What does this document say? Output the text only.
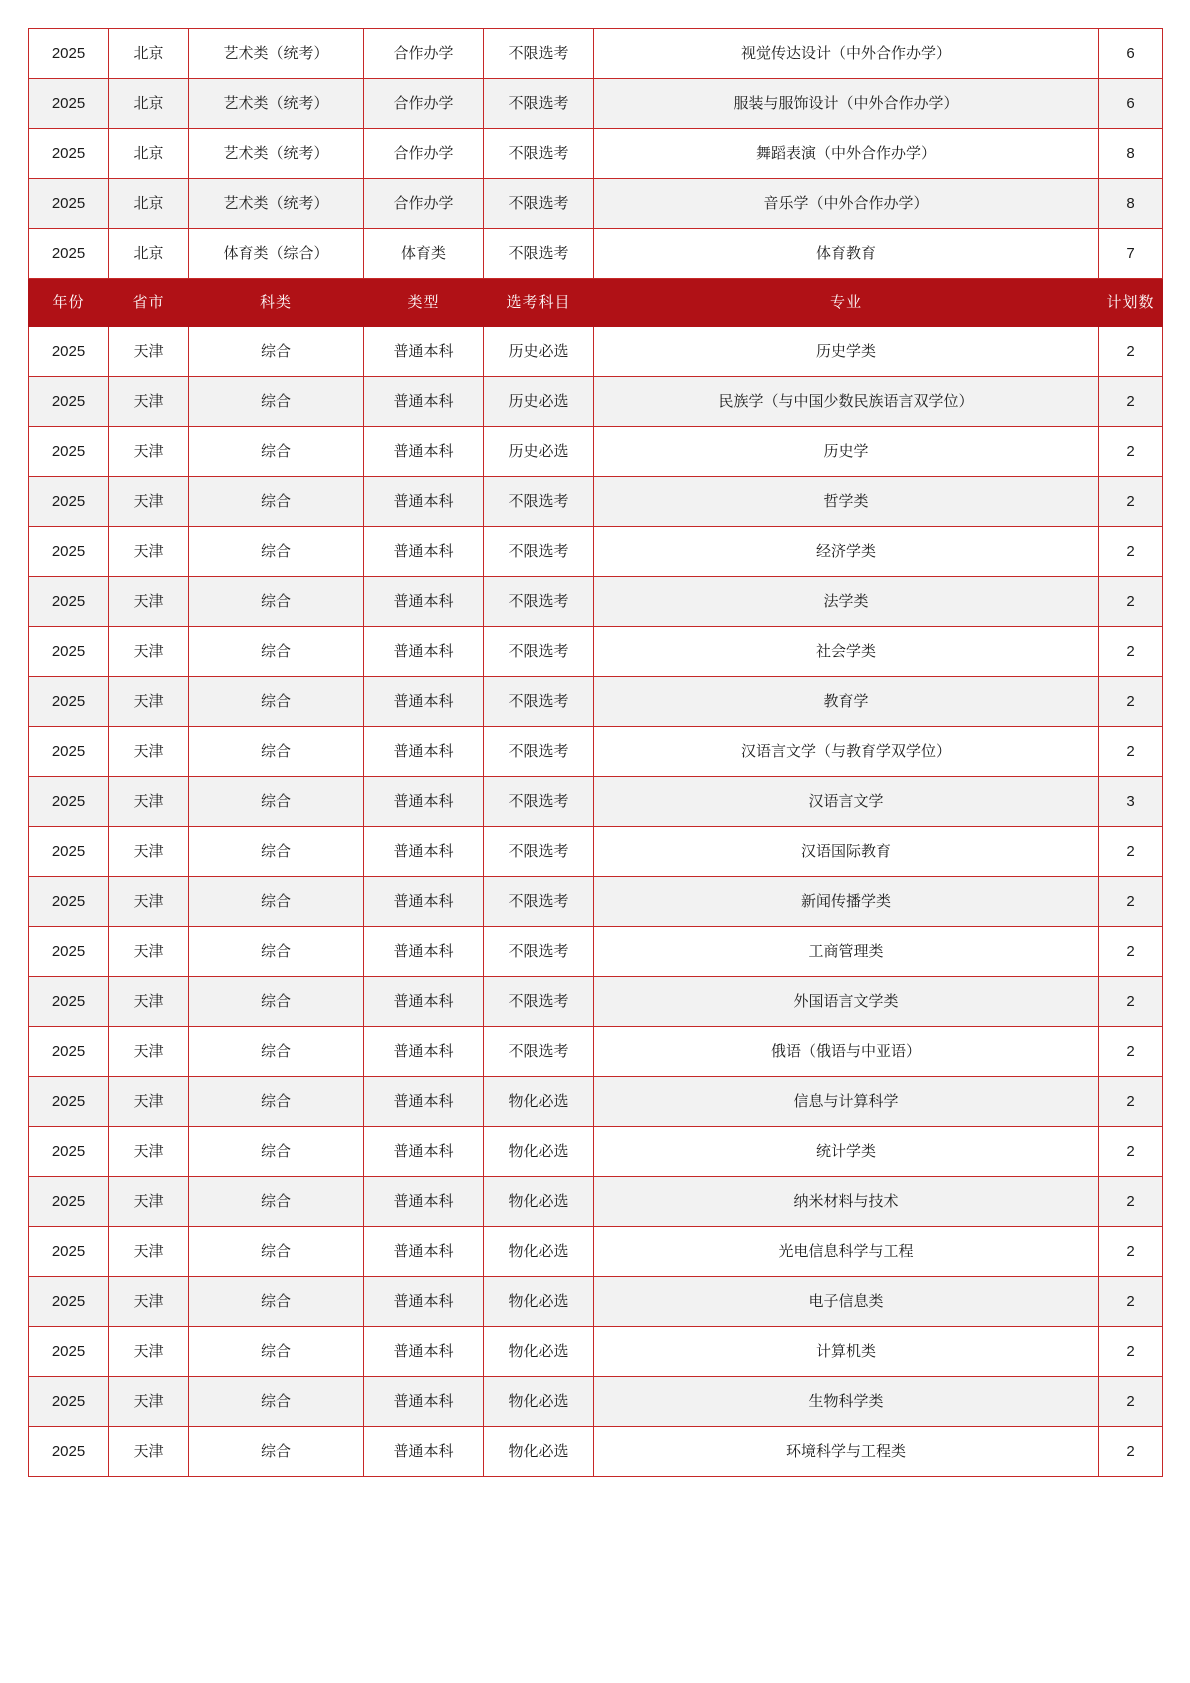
2025	北京	艺术类（统考）	合作办学	不限选考	视觉传达设计（中外合作办学）	6
2025	北京	艺术类（统考）	合作办学	不限选考	服装与服饰设计（中外合作办学）	6
2025	北京	艺术类（统考）	合作办学	不限选考	舞蹈表演（中外合作办学）	8
2025	北京	艺术类（统考）	合作办学	不限选考	音乐学（中外合作办学）	8
2025	北京	体育类（综合）	体育类	不限选考	体育教育	7
年份	省市	科类	类型	选考科目	专业	计划数
2025	天津	综合	普通本科	历史必选	历史学类	2
2025	天津	综合	普通本科	历史必选	民族学（与中国少数民族语言双学位）	2
2025	天津	综合	普通本科	历史必选	历史学	2
2025	天津	综合	普通本科	不限选考	哲学类	2
2025	天津	综合	普通本科	不限选考	经济学类	2
2025	天津	综合	普通本科	不限选考	法学类	2
2025	天津	综合	普通本科	不限选考	社会学类	2
2025	天津	综合	普通本科	不限选考	教育学	2
2025	天津	综合	普通本科	不限选考	汉语言文学（与教育学双学位）	2
2025	天津	综合	普通本科	不限选考	汉语言文学	3
2025	天津	综合	普通本科	不限选考	汉语国际教育	2
2025	天津	综合	普通本科	不限选考	新闻传播学类	2
2025	天津	综合	普通本科	不限选考	工商管理类	2
2025	天津	综合	普通本科	不限选考	外国语言文学类	2
2025	天津	综合	普通本科	不限选考	俄语（俄语与中亚语）	2
2025	天津	综合	普通本科	物化必选	信息与计算科学	2
2025	天津	综合	普通本科	物化必选	统计学类	2
2025	天津	综合	普通本科	物化必选	纳米材料与技术	2
2025	天津	综合	普通本科	物化必选	光电信息科学与工程	2
2025	天津	综合	普通本科	物化必选	电子信息类	2
2025	天津	综合	普通本科	物化必选	计算机类	2
2025	天津	综合	普通本科	物化必选	生物科学类	2
2025	天津	综合	普通本科	物化必选	环境科学与工程类	2
